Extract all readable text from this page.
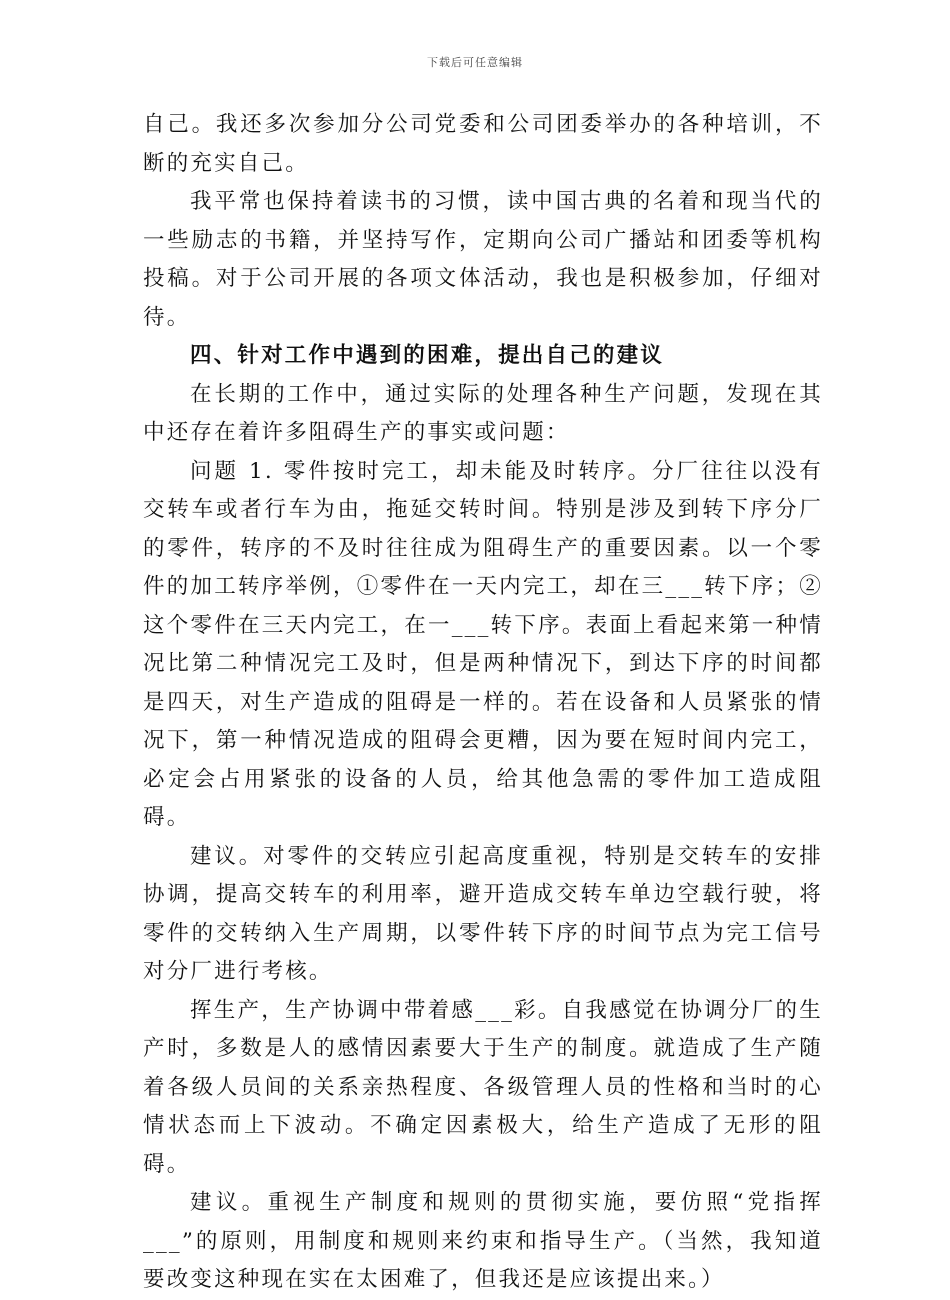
下载后可任意编辑

自己。我还多次参加分公司党委和公司团委举办的各种培训，不断的充实自己。

我平常也保持着读书的习惯，读中国古典的名着和现当代的一些励志的书籍，并坚持写作，定期向公司广播站和团委等机构投稿。对于公司开展的各项文体活动，我也是积极参加，仔细对待。

四、针对工作中遇到的困难，提出自己的建议

在长期的工作中，通过实际的处理各种生产问题，发现在其中还存在着许多阻碍生产的事实或问题：

问题 1. 零件按时完工，却未能及时转序。分厂往往以没有交转车或者行车为由，拖延交转时间。特别是涉及到转下序分厂的零件，转序的不及时往往成为阻碍生产的重要因素。以一个零件的加工转序举例，①零件在一天内完工，却在三___转下序；②这个零件在三天内完工，在一___转下序。表面上看起来第一种情况比第二种情况完工及时，但是两种情况下，到达下序的时间都是四天，对生产造成的阻碍是一样的。若在设备和人员紧张的情况下，第一种情况造成的阻碍会更糟，因为要在短时间内完工，必定会占用紧张的设备的人员，给其他急需的零件加工造成阻碍。

建议。对零件的交转应引起高度重视，特别是交转车的安排协调，提高交转车的利用率，避开造成交转车单边空载行驶，将零件的交转纳入生产周期，以零件转下序的时间节点为完工信号对分厂进行考核。

挥生产，生产协调中带着感___彩。自我感觉在协调分厂的生产时，多数是人的感情因素要大于生产的制度。就造成了生产随着各级人员间的关系亲热程度、各级管理人员的性格和当时的心情状态而上下波动。不确定因素极大，给生产造成了无形的阻碍。

建议。重视生产制度和规则的贯彻实施，要仿照“党指挥___”的原则，用制度和规则来约束和指导生产。（当然，我知道要改变这种现在实在太困难了，但我还是应该提出来。）
